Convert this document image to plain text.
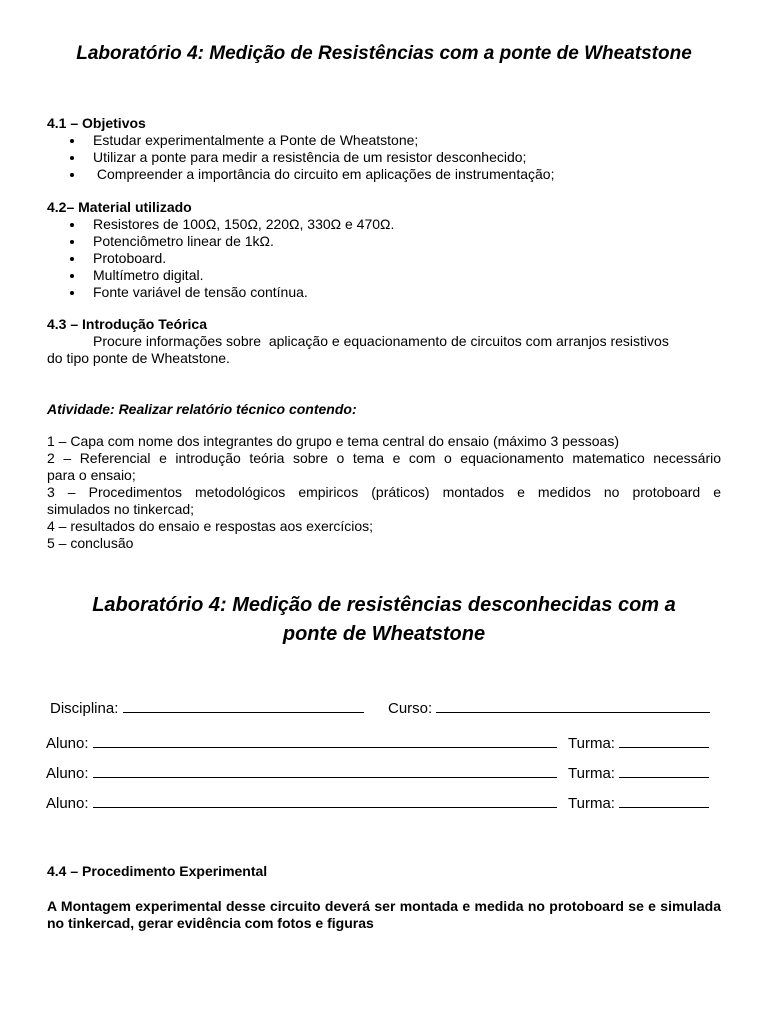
Laboratório 4: Medição de Resistências com a ponte de Wheatstone
4.1 – Objetivos
Estudar experimentalmente a Ponte de Wheatstone;
Utilizar a ponte para medir a resistência de um resistor desconhecido;
Compreender a importância do circuito em aplicações de instrumentação;
4.2– Material utilizado
Resistores de 100Ω, 150Ω, 220Ω, 330Ω e 470Ω.
Potenciômetro linear de 1kΩ.
Protoboard.
Multímetro digital.
Fonte variável de tensão contínua.
4.3 – Introdução Teórica
Procure informações sobre  aplicação e equacionamento de circuitos com arranjos resistivos
do tipo ponte de Wheatstone.
Atividade: Realizar relatório técnico contendo:
1 – Capa com nome dos integrantes do grupo e tema central do ensaio (máximo 3 pessoas)
2 – Referencial e introdução teória sobre o tema e com o equacionamento matematico necessário
para o ensaio;
3 – Procedimentos metodológicos empiricos (práticos) montados e medidos no protoboard e
simulados no tinkercad;
4 – resultados do ensaio e respostas aos exercícios;
5 – conclusão
Laboratório 4: Medição de resistências desconhecidas com a
ponte de Wheatstone
Disciplina:	Curso:
Aluno:	Turma:
Aluno:	Turma:
Aluno:	Turma:
4.4 – Procedimento Experimental
A Montagem experimental desse circuito deverá ser montada e medida no protoboard se e simulada no tinkercad, gerar evidência com fotos e figuras
